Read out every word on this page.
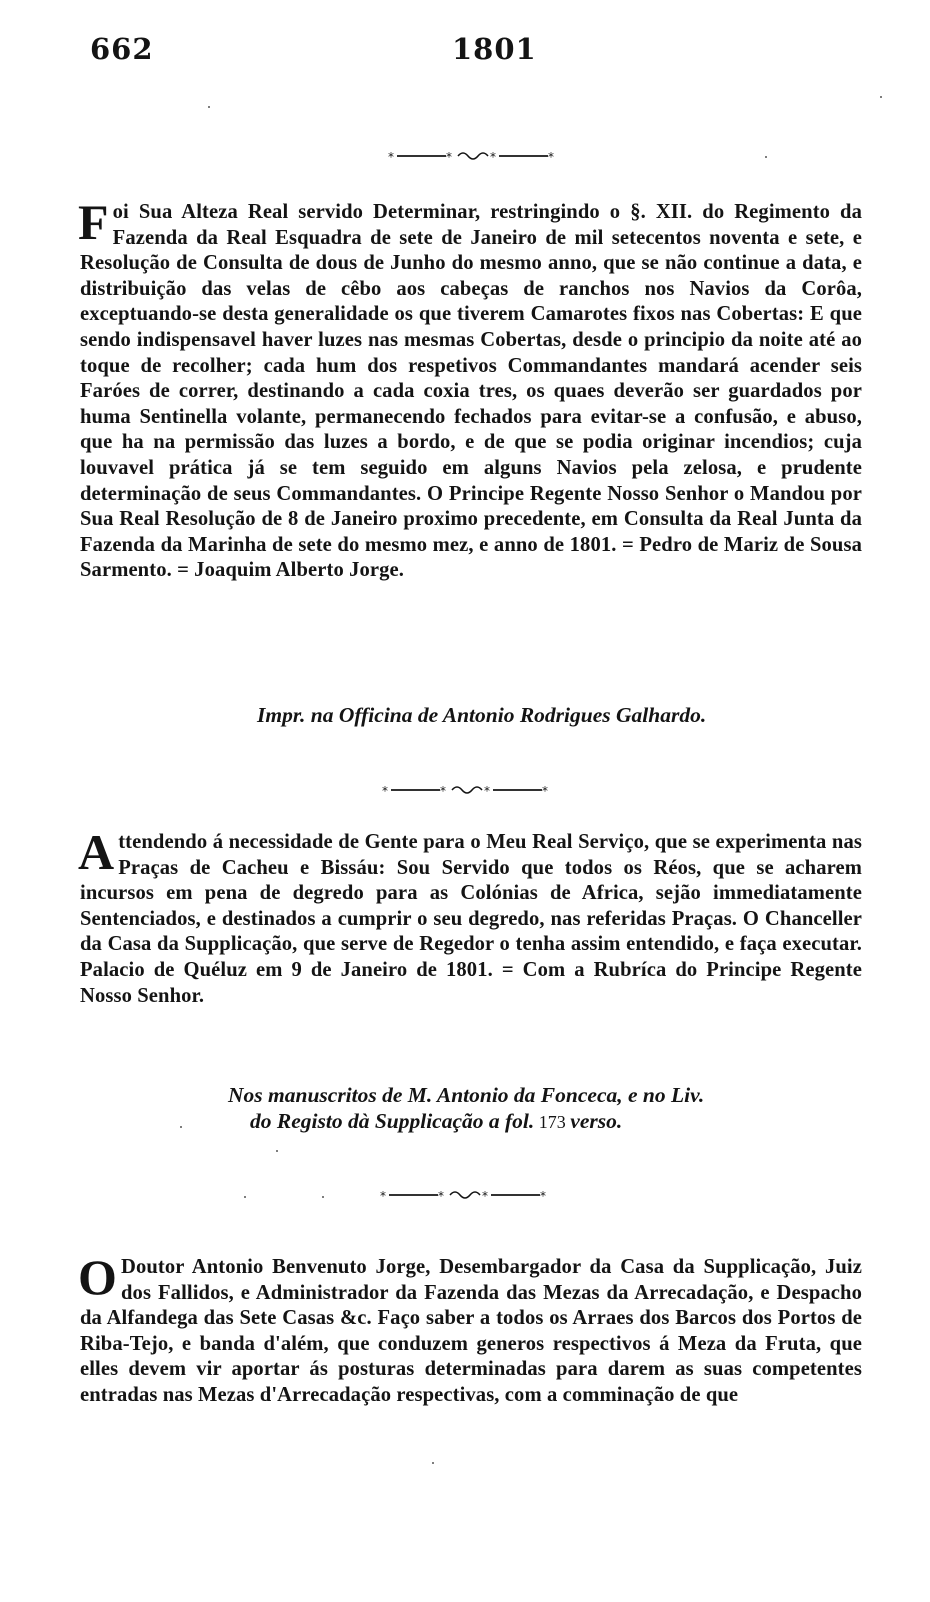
662	1801
*	*	*	*
*	*	*	*
*	*	*	*

Foi Sua Alteza Real servido Determinar, restringindo o §. XII. do Regimento da Fazenda da Real Esquadra de sete de Janeiro de mil setecentos noventa e sete, e Resolução de Consulta de dous de Junho do mesmo anno, que se não continue a data, e distribuição das velas de cêbo aos cabeças de ranchos nos Navios da Corôa, exceptuando-se desta generalidade os que tiverem Camarotes fixos nas Cobertas: E que sendo indispensavel haver luzes nas mesmas Cobertas, desde o principio da noite até ao toque de recolher; cada hum dos respetivos Commandantes mandará acender seis Faróes de correr, destinando a cada coxia tres, os quaes deverão ser guardados por huma Sentinella volante, permanecendo fechados para evitar-se a confusão, e abuso, que ha na permissão das luzes a bordo, e de que se podia originar incendios; cuja louvavel prática já se tem seguido em alguns Navios pela zelosa, e prudente determinação de seus Commandantes. O Principe Regente Nosso Senhor o Mandou por Sua Real Resolução de 8 de Janeiro proximo precedente, em Consulta da Real Junta da Fazenda da Marinha de sete do mesmo mez, e anno de 1801. = Pedro de Mariz de Sousa Sarmento. = Joaquim Alberto Jorge.

Impr. na Officina de Antonio Rodrigues Galhardo.

Attendendo á necessidade de Gente para o Meu Real Serviço, que se experimenta nas Praças de Cacheu e Bissáu: Sou Servido que todos os Réos, que se acharem incursos em pena de degredo para as Colónias de Africa, sejão immediatamente Sentenciados, e destinados a cumprir o seu degredo, nas referidas Praças. O Chanceller da Casa da Supplicação, que serve de Regedor o tenha assim entendido, e faça executar. Palacio de Quéluz em 9 de Janeiro de 1801. = Com a Rubríca do Principe Regente Nosso Senhor.

Nos manuscritos de M. Antonio da Fonceca, e no Liv.
do Registo dà Supplicação a fol. 173 verso.

O Doutor Antonio Benvenuto Jorge, Desembargador da Casa da Supplicação, Juiz dos Fallidos, e Administrador da Fazenda das Mezas da Arrecadação, e Despacho da Alfandega das Sete Casas &c. Faço saber a todos os Arraes dos Barcos dos Portos de Riba-Tejo, e banda d'além, que conduzem generos respectivos á Meza da Fruta, que elles devem vir aportar ás posturas determinadas para darem as suas competentes entradas nas Mezas d'Arrecadação respectivas, com a comminação de que
